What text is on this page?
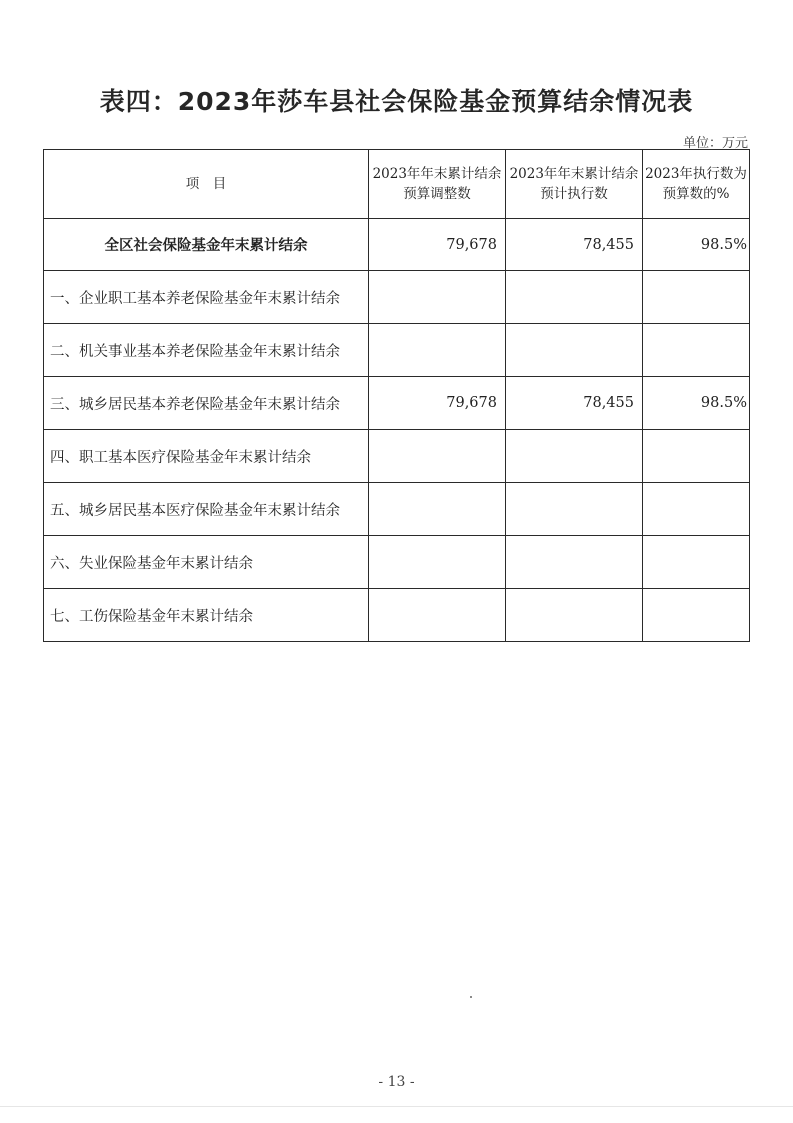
表四：2023年莎车县社会保险基金预算结余情况表
单位：万元
项　目	2023年年末累计结余预算调整数	2023年年末累计结余预计执行数	2023年执行数为预算数的%
全区社会保险基金年末累计结余	79,678	78,455	98.5%
一、企业职工基本养老保险基金年末累计结余			
二、机关事业基本养老保险基金年末累计结余			
三、城乡居民基本养老保险基金年末累计结余	79,678	78,455	98.5%
四、职工基本医疗保险基金年末累计结余			
五、城乡居民基本医疗保险基金年末累计结余			
六、失业保险基金年末累计结余			
七、工伤保险基金年末累计结余			
- 13 -
